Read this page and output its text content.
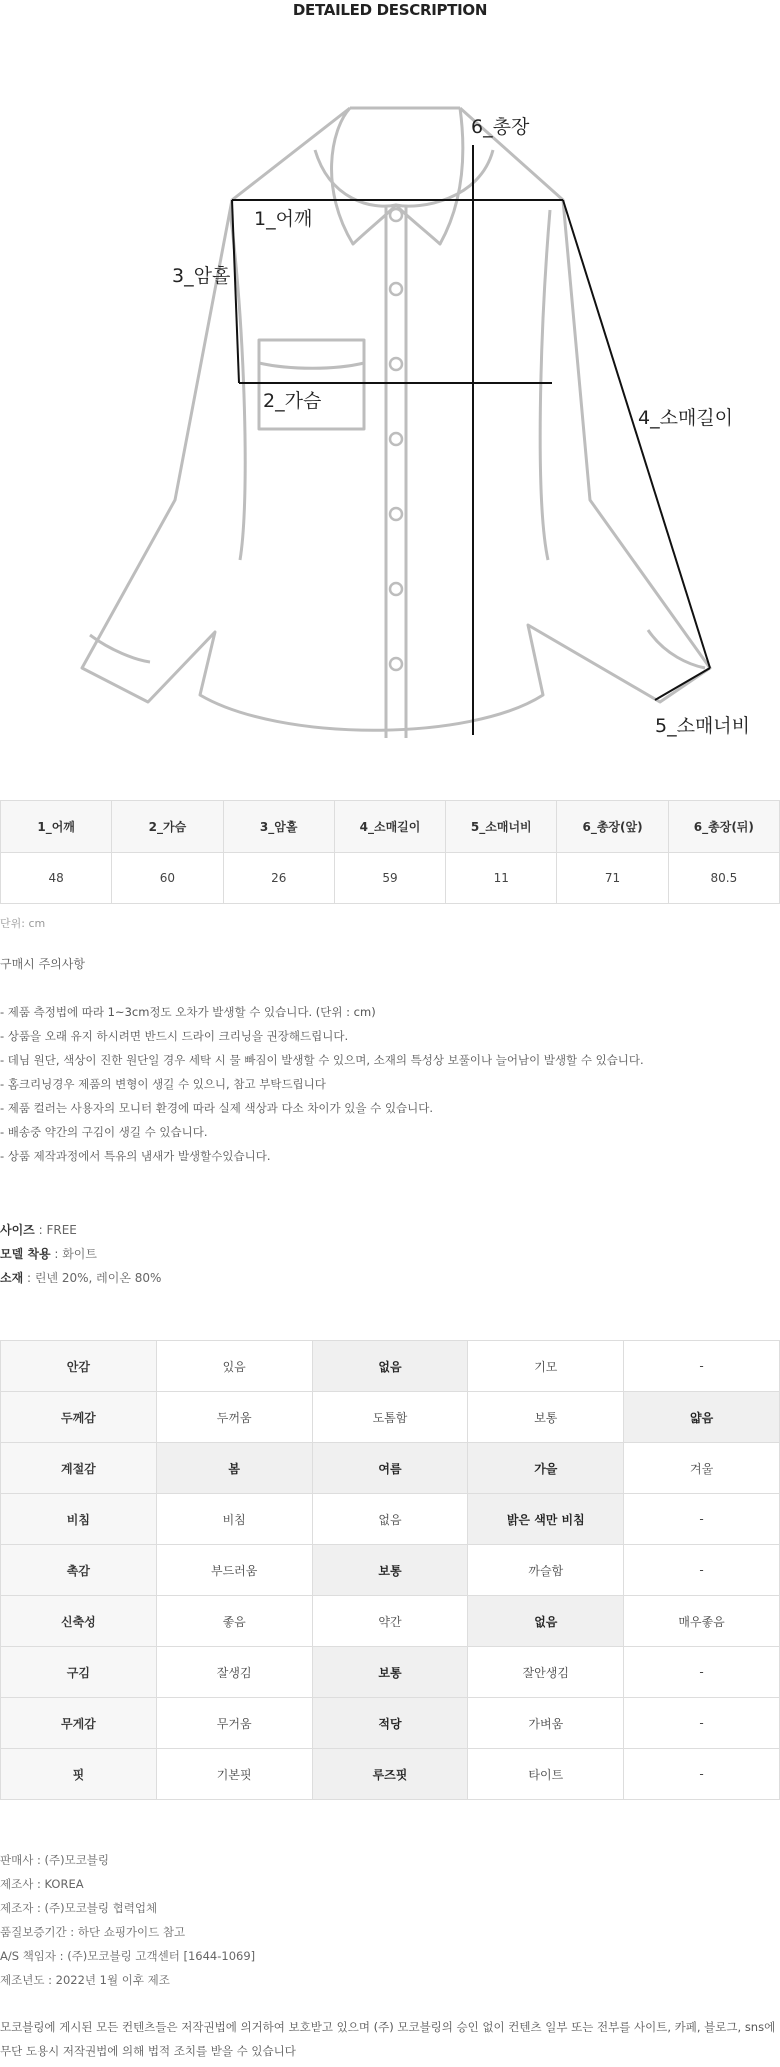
DETAILED DESCRIPTION
1_어깨
2_가슴
3_암홀
4_소매길이
5_소매너비
6_총장
1_어깨	2_가슴	3_암홀	4_소매길이	5_소매너비	6_총장(앞)	6_총장(뒤)
48	60	26	59	11	71	80.5
단위: cm
구매시 주의사항
- 제품 측정법에 따라 1~3cm정도 오차가 발생할 수 있습니다. (단위 : cm)
- 상품을 오래 유지 하시려면 반드시 드라이 크리닝을 권장해드립니다.
- 데님 원단, 색상이 진한 원단일 경우 세탁 시 물 빠짐이 발생할 수 있으며, 소재의 특성상 보풀이나 늘어남이 발생할 수 있습니다.
- 홈크리닝경우 제품의 변형이 생길 수 있으니, 참고 부탁드립니다
- 제품 컬러는 사용자의 모니터 환경에 따라 실제 색상과 다소 차이가 있을 수 있습니다.
- 배송중 약간의 구김이 생길 수 있습니다.
- 상품 제작과정에서 특유의 냄새가 발생할수있습니다.
사이즈 : FREE
모델 착용 : 화이트
소재 : 린넨 20%, 레이온 80%
안감	있음	없음	기모	-
두께감	두꺼움	도톰함	보통	얇음
계절감	봄	여름	가을	겨울
비침	비침	없음	밝은 색만 비침	-
촉감	부드러움	보통	까슬함	-
신축성	좋음	약간	없음	매우좋음
구김	잘생김	보통	잘안생김	-
무게감	무거움	적당	가벼움	-
핏	기본핏	루즈핏	타이트	-
판매사 : (주)모코블링
제조사 : KOREA
제조자 : (주)모코블링 협력업체
품질보증기간 : 하단 쇼핑가이드 참고
A/S 책임자 : (주)모코블링 고객센터 [1644-1069]
제조년도 : 2022년 1월 이후 제조
모코블링에 게시된 모든 컨텐츠들은 저작권법에 의거하여 보호받고 있으며 (주) 모코블링의 승인 없이 컨텐츠 일부 또는 전부를 사이트, 카페, 블로그, sns에
무단 도용시 저작권법에 의해 법적 조치를 받을 수 있습니다
